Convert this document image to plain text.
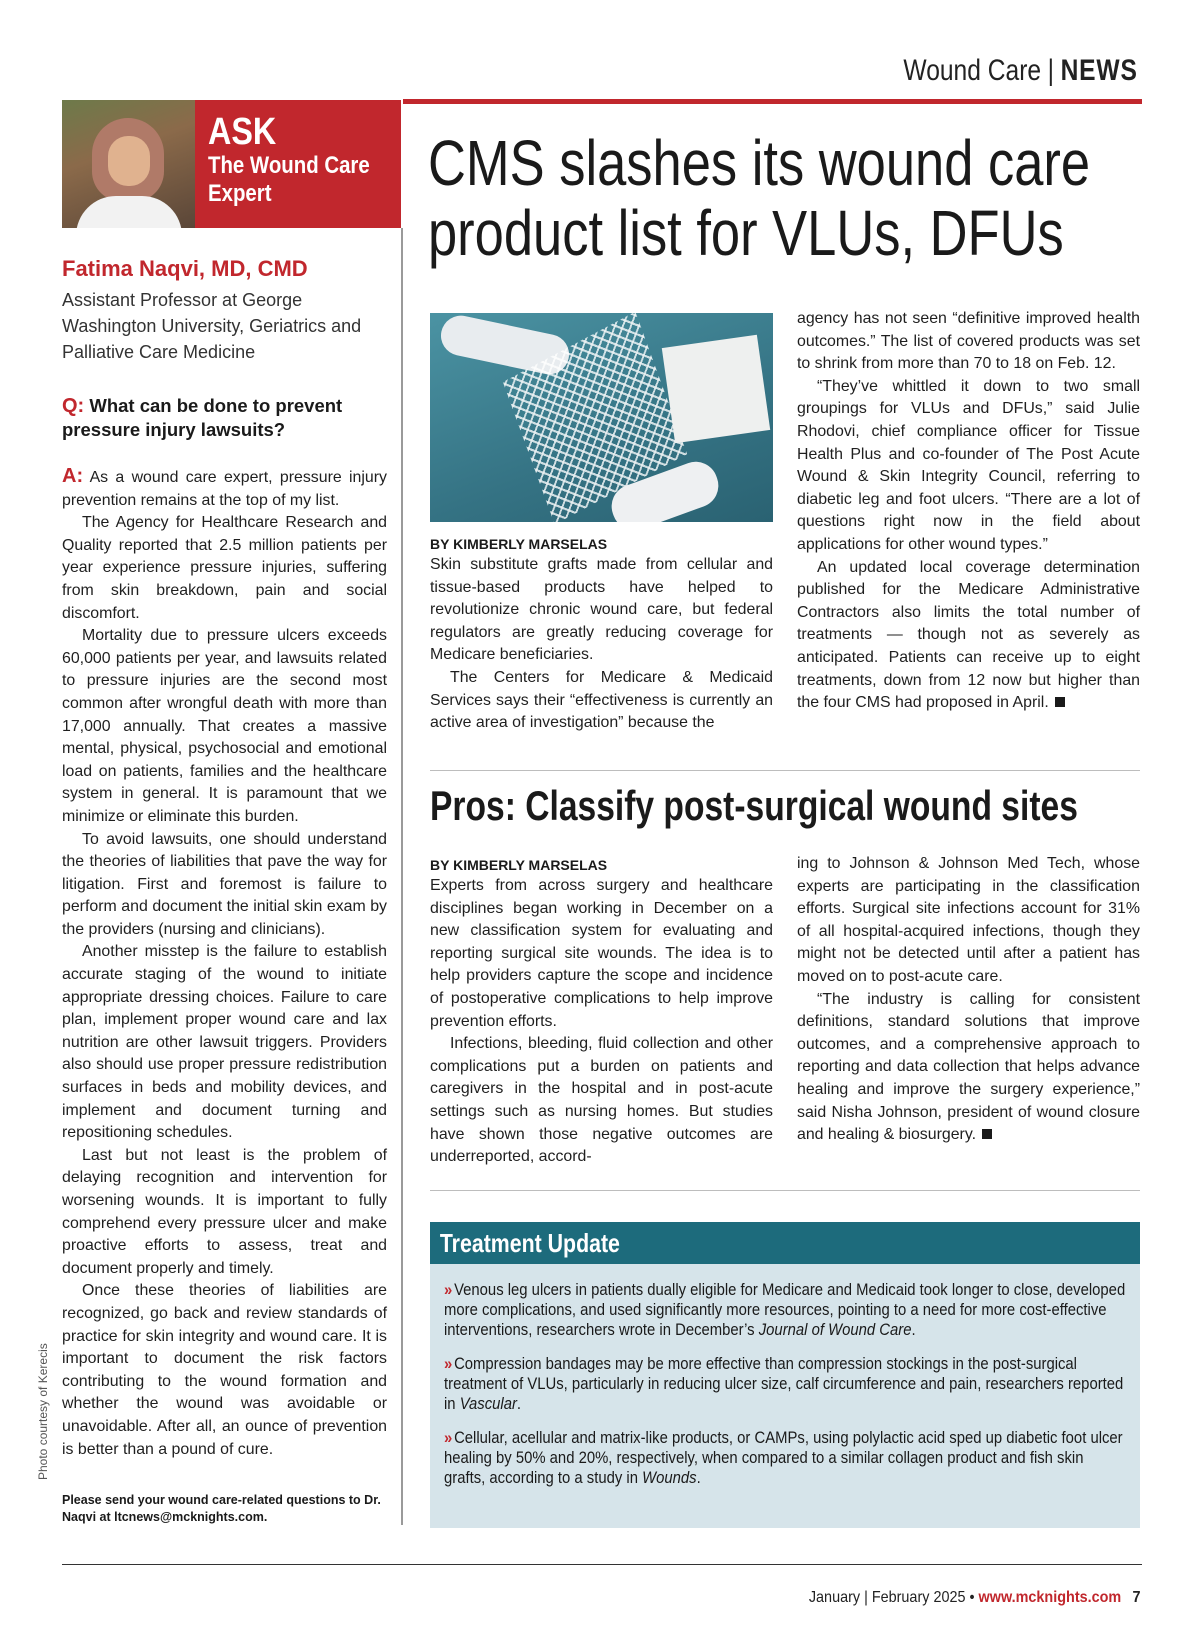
Wound Care | NEWS
ASK
The Wound Care
Expert
Fatima Naqvi, MD, CMD
Assistant Professor at George Washington University, Geriatrics and Palliative Care Medicine
Q: What can be done to prevent pressure injury lawsuits?

A: As a wound care expert, pressure injury prevention remains at the top of my list.

The Agency for Healthcare Research and Quality reported that 2.5 million patients per year experience pressure injuries, suffering from skin breakdown, pain and social discomfort.

Mortality due to pressure ulcers exceeds 60,000 patients per year, and lawsuits related to pressure injuries are the second most common after wrongful death with more than 17,000 annually. That creates a massive mental, physical, psychosocial and emotional load on patients, families and the healthcare system in general. It is paramount that we minimize or eliminate this burden.

To avoid lawsuits, one should understand the theories of liabilities that pave the way for litigation. First and foremost is failure to perform and document the initial skin exam by the providers (nursing and clinicians).

Another misstep is the failure to establish accurate staging of the wound to initiate appropriate dressing choices. Failure to care plan, implement proper wound care and lax nutrition are other lawsuit triggers. Providers also should use proper pressure redistribution surfaces in beds and mobility devices, and implement and document turning and repositioning schedules.

Last but not least is the problem of delaying recognition and intervention for worsening wounds. It is important to fully comprehend every pressure ulcer and make proactive efforts to assess, treat and document properly and timely.

Once these theories of liabilities are recognized, go back and review standards of practice for skin integrity and wound care. It is important to document the risk factors contributing to the wound formation and whether the wound was avoidable or unavoidable. After all, an ounce of prevention is better than a pound of cure.

Photo courtesy of Kerecis
Please send your wound care-related questions to Dr. Naqvi at ltcnews@mcknights.com.
CMS slashes its wound care
product list for VLUs, DFUs
BY KIMBERLY MARSELAS

Skin substitute grafts made from cellular and tissue-based products have helped to revolutionize chronic wound care, but federal regulators are greatly reducing coverage for Medicare beneficiaries.

The Centers for Medicare & Medicaid Services says their “effectiveness is currently an active area of investigation” because the

agency has not seen “definitive improved health outcomes.” The list of covered products was set to shrink from more than 70 to 18 on Feb. 12.

“They’ve whittled it down to two small groupings for VLUs and DFUs,” said Julie Rhodovi, chief compliance officer for Tissue Health Plus and co-founder of The Post Acute Wound & Skin Integrity Council, referring to diabetic leg and foot ulcers. “There are a lot of questions right now in the field about applications for other wound types.”

An updated local coverage determination published for the Medicare Administrative Contractors also limits the total number of treatments — though not as severely as anticipated. Patients can receive up to eight treatments, down from 12 now but higher than the four CMS had proposed in April.

Pros: Classify post-surgical wound sites
BY KIMBERLY MARSELAS

Experts from across surgery and healthcare disciplines began working in December on a new classification system for evaluating and reporting surgical site wounds. The idea is to help providers capture the scope and incidence of postoperative complications to help improve prevention efforts.

Infections, bleeding, fluid collection and other complications put a burden on patients and caregivers in the hospital and in post-acute settings such as nursing homes. But studies have shown those negative outcomes are underreported, accord-

ing to Johnson & Johnson Med Tech, whose experts are participating in the classification efforts. Surgical site infections account for 31% of all hospital-acquired infections, though they might not be detected until after a patient has moved on to post-acute care.

“The industry is calling for consistent definitions, standard solutions that improve outcomes, and a comprehensive approach to reporting and data collection that helps advance healing and improve the surgery experience,” said Nisha Johnson, president of wound closure and healing & biosurgery.

Treatment Update
» Venous leg ulcers in patients dually eligible for Medicare and Medicaid took longer to close, developed more complications, and used significantly more resources, pointing to a need for more cost-effective interventions, researchers wrote in December’s Journal of Wound Care.
» Compression bandages may be more effective than compression stockings in the post-surgical treatment of VLUs, particularly in reducing ulcer size, calf circumference and pain, researchers reported in Vascular.
» Cellular, acellular and matrix-like products, or CAMPs, using polylactic acid sped up diabetic foot ulcer healing by 50% and 20%, respectively, when compared to a similar collagen product and fish skin grafts, according to a study in Wounds.
January | February 2025 • www.mcknights.com 7
